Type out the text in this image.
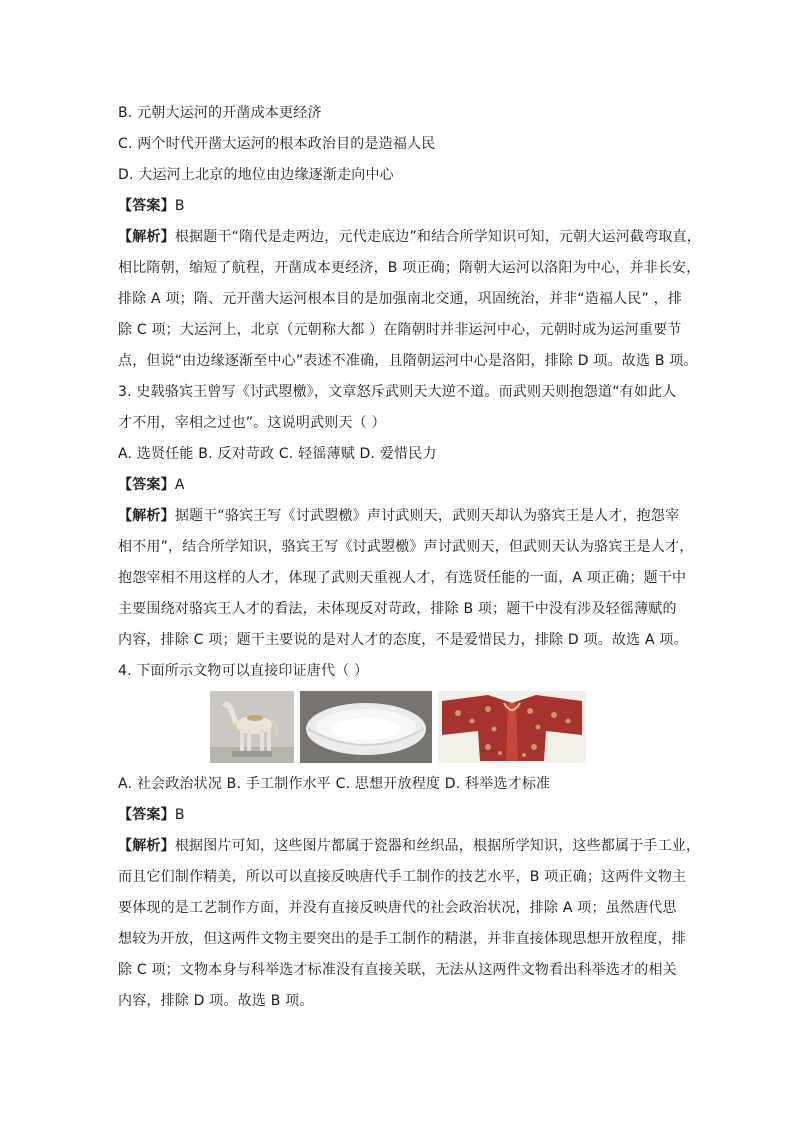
B. 元朝大运河的开凿成本更经济
C. 两个时代开凿大运河的根本政治目的是造福人民
D. 大运河上北京的地位由边缘逐渐走向中心
【答案】B
【解析】根据题干“隋代是走两边，元代走底边”和结合所学知识可知，元朝大运河截弯取直，
相比隋朝，缩短了航程，开凿成本更经济，B 项正确；隋朝大运河以洛阳为中心，并非长安，
排除 A 项；隋、元开凿大运河根本目的是加强南北交通，巩固统治，并非“造福人民” ，排
除 C 项；大运河上，北京（元朝称大都 ）在隋朝时并非运河中心，元朝时成为运河重要节
点，但说“由边缘逐渐至中心”表述不准确，且隋朝运河中心是洛阳，排除 D 项。故选 B 项。
3. 史载骆宾王曾写《讨武曌檄》，文章怒斥武则天大逆不道。而武则天则抱怨道“有如此人
才不用，宰相之过也”。这说明武则天（ ）
A. 选贤任能 B. 反对苛政 C. 轻徭薄赋 D. 爱惜民力
【答案】A
【解析】据题干“骆宾王写《讨武曌檄》声讨武则天，武则天却认为骆宾王是人才，抱怨宰
相不用”，结合所学知识，骆宾王写《讨武曌檄》声讨武则天，但武则天认为骆宾王是人才，
抱怨宰相不用这样的人才，体现了武则天重视人才，有选贤任能的一面，A 项正确；题干中
主要围绕对骆宾王人才的看法，未体现反对苛政，排除 B 项；题干中没有涉及轻徭薄赋的
内容，排除 C 项；题干主要说的是对人才的态度，不是爱惜民力，排除 D 项。故选 A 项。
4. 下面所示文物可以直接印证唐代（ ）
A. 社会政治状况 B. 手工制作水平 C. 思想开放程度 D. 科举选才标准
【答案】B
【解析】根据图片可知，这些图片都属于瓷器和丝织品，根据所学知识，这些都属于手工业，
而且它们制作精美，所以可以直接反映唐代手工制作的技艺水平，B 项正确；这两件文物主
要体现的是工艺制作方面，并没有直接反映唐代的社会政治状况，排除 A 项；虽然唐代思
想较为开放，但这两件文物主要突出的是手工制作的精湛，并非直接体现思想开放程度，排
除 C 项；文物本身与科举选才标准没有直接关联，无法从这两件文物看出科举选才的相关
内容，排除 D 项。故选 B 项。
